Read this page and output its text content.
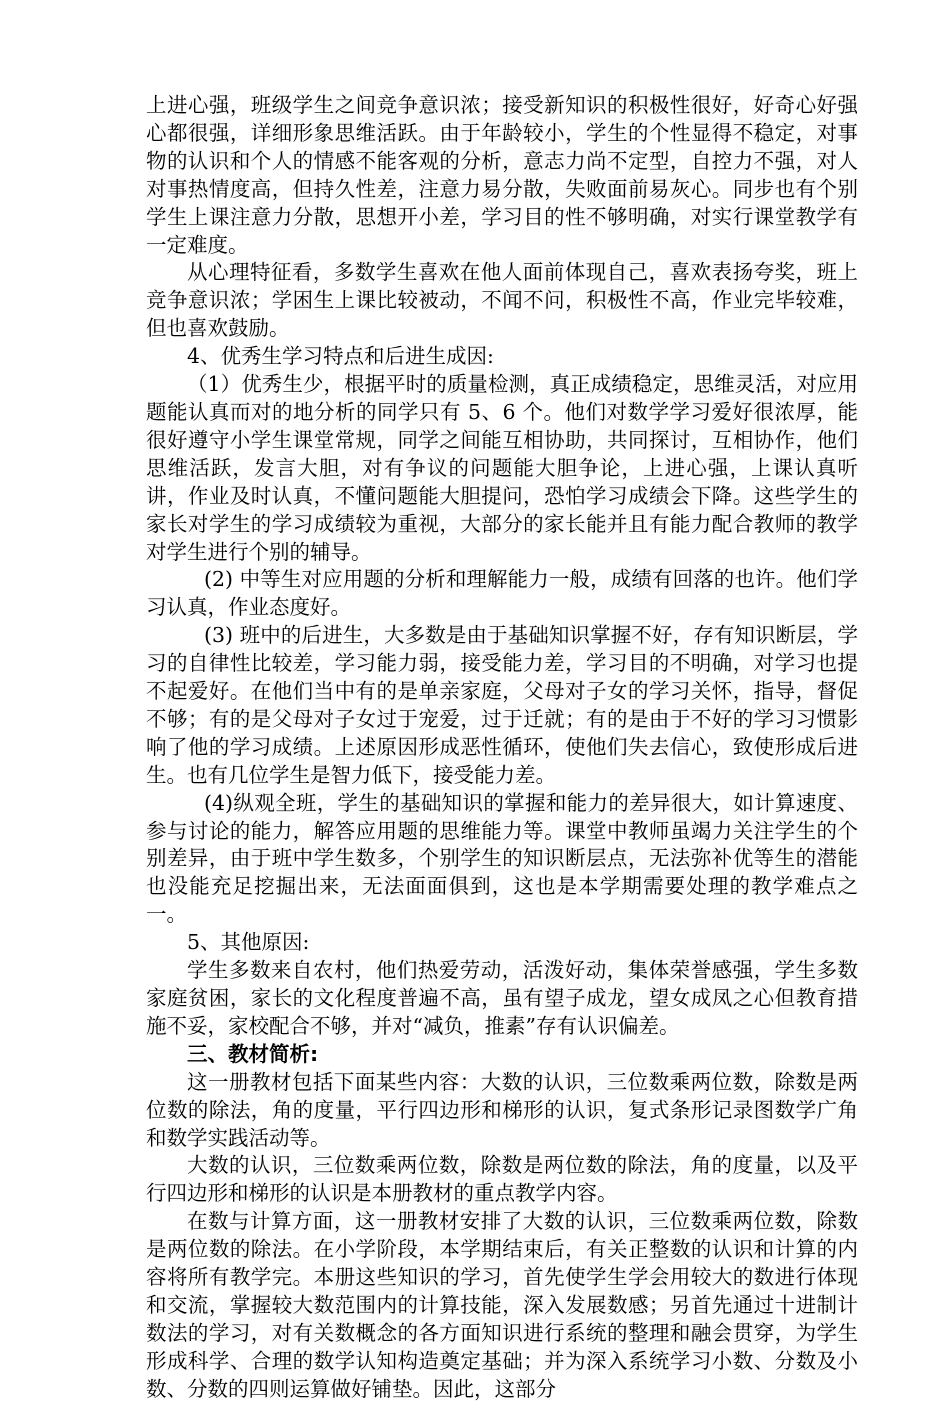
上进心强，班级学生之间竞争意识浓；接受新知识的积极性很好，好奇心好强心都很强，详细形象思维活跃。由于年龄较小，学生的个性显得不稳定，对事物的认识和个人的情感不能客观的分析，意志力尚不定型，自控力不强，对人对事热情度高，但持久性差，注意力易分散，失败面前易灰心。同步也有个别学生上课注意力分散，思想开小差，学习目的性不够明确，对实行课堂教学有一定难度。

从心理特征看，多数学生喜欢在他人面前体现自己，喜欢表扬夸奖，班上竞争意识浓；学困生上课比较被动，不闻不问，积极性不高，作业完毕较难，但也喜欢鼓励。

4、优秀生学习特点和后进生成因:

（1）优秀生少，根据平时的质量检测，真正成绩稳定，思维灵活，对应用题能认真而对的地分析的同学只有 5、6 个。他们对数学学习爱好很浓厚，能很好遵守小学生课堂常规，同学之间能互相协助，共同探讨，互相协作，他们思维活跃，发言大胆，对有争议的问题能大胆争论，上进心强，上课认真听讲，作业及时认真，不懂问题能大胆提问，恐怕学习成绩会下降。这些学生的家长对学生的学习成绩较为重视，大部分的家长能并且有能力配合教师的教学对学生进行个别的辅导。

(2) 中等生对应用题的分析和理解能力一般，成绩有回落的也许。他们学习认真，作业态度好。

(3) 班中的后进生，大多数是由于基础知识掌握不好，存有知识断层，学习的自律性比较差，学习能力弱，接受能力差，学习目的不明确，对学习也提不起爱好。在他们当中有的是单亲家庭，父母对子女的学习关怀，指导，督促不够；有的是父母对子女过于宠爱，过于迁就；有的是由于不好的学习习惯影响了他的学习成绩。上述原因形成恶性循环，使他们失去信心，致使形成后进生。也有几位学生是智力低下，接受能力差。

(4)纵观全班，学生的基础知识的掌握和能力的差异很大，如计算速度、参与讨论的能力，解答应用题的思维能力等。课堂中教师虽竭力关注学生的个别差异，由于班中学生数多，个别学生的知识断层点，无法弥补优等生的潜能也没能充足挖掘出来，无法面面俱到，这也是本学期需要处理的教学难点之一。

5、其他原因:

学生多数来自农村，他们热爱劳动，活泼好动，集体荣誉感强，学生多数家庭贫困，家长的文化程度普遍不高，虽有望子成龙，望女成凤之心但教育措施不妥，家校配合不够，并对“减负，推素”存有认识偏差。

三、教材简析:

这一册教材包括下面某些内容：大数的认识，三位数乘两位数，除数是两位数的除法，角的度量，平行四边形和梯形的认识，复式条形记录图数学广角和数学实践活动等。

大数的认识，三位数乘两位数，除数是两位数的除法，角的度量，以及平行四边形和梯形的认识是本册教材的重点教学内容。

在数与计算方面，这一册教材安排了大数的认识，三位数乘两位数，除数是两位数的除法。在小学阶段，本学期结束后，有关正整数的认识和计算的内容将所有教学完。本册这些知识的学习，首先使学生学会用较大的数进行体现和交流，掌握较大数范围内的计算技能，深入发展数感；另首先通过十进制计数法的学习，对有关数概念的各方面知识进行系统的整理和融会贯穿，为学生形成科学、合理的数学认知构造奠定基础；并为深入系统学习小数、分数及小数、分数的四则运算做好铺垫。因此，这部分
